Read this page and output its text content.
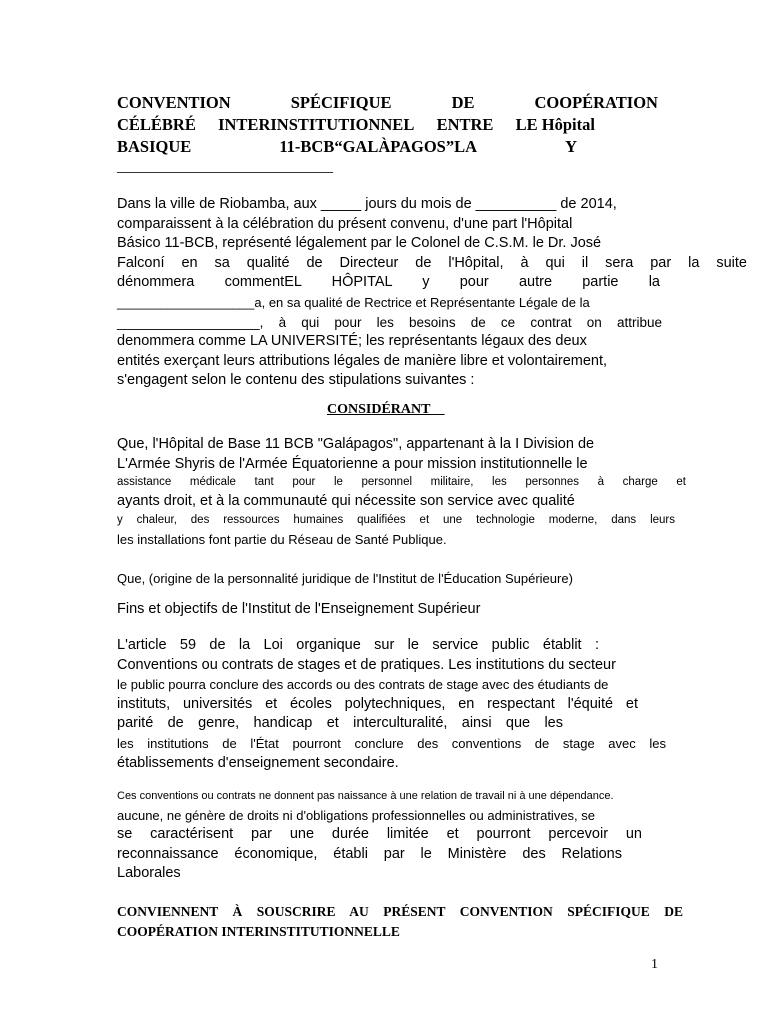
CONVENTION	SPÉCIFIQUE	DE	COOPÉRATION
CÉLÉBRÉ INTERINSTITUTIONNEL ENTRE LE Hôpital
BASIQUE	11-BCB“GALÀPAGOS”LA	Y
___________________________
Dans la ville de Riobamba, aux _____ jours du mois de __________ de 2014,
comparaissent à la célébration du présent convenu, d'une part l'Hôpital
Básico 11-BCB, représenté légalement par le Colonel de C.S.M. le Dr. José
Falconí en sa qualité de Directeur de l'Hôpital, à qui il sera par la suite
dénommera commentEL HÔPITAL y pour autre partie la
___________________a, en sa qualité de Rectrice et Représentante Légale de la
___________________, à qui pour les besoins de ce contrat on attribue
denommera comme LA UNIVERSITÉ; les représentants légaux des deux
entités exerçant leurs attributions légales de manière libre et volontairement,
s'engagent selon le contenu des stipulations suivantes :
CONSIDÉRANT__
Que, l'Hôpital de Base 11 BCB "Galápagos", appartenant à la I Division de
L'Armée Shyris de l'Armée Équatorienne a pour mission institutionnelle le
assistance médicale tant pour le personnel militaire, les personnes à charge et
ayants droit, et à la communauté qui nécessite son service avec qualité
y chaleur, des ressources humaines qualifiées et une technologie moderne, dans leurs
les installations font partie du Réseau de Santé Publique.
Que, (origine de la personnalité juridique de l'Institut de l'Éducation Supérieure)
Fins et objectifs de l'Institut de l'Enseignement Supérieur
L'article 59 de la Loi organique sur le service public établit :
Conventions ou contrats de stages et de pratiques. Les institutions du secteur
le public pourra conclure des accords ou des contrats de stage avec des étudiants de
instituts, universités et écoles polytechniques, en respectant l'équité et
parité de genre, handicap et interculturalité, ainsi que les
les institutions de l'État pourront conclure des conventions de stage avec les
établissements d'enseignement secondaire.
Ces conventions ou contrats ne donnent pas naissance à une relation de travail ni à une dépendance.
aucune, ne génère de droits ni d'obligations professionnelles ou administratives, se
se caractérisent par une durée limitée et pourront percevoir un
reconnaissance économique, établi par le Ministère des Relations
Laborales
CONVIENNENT À SOUSCRIRE AU PRÉSENT CONVENTION SPÉCIFIQUE DE
COOPÉRATION INTERINSTITUTIONNELLE
1
